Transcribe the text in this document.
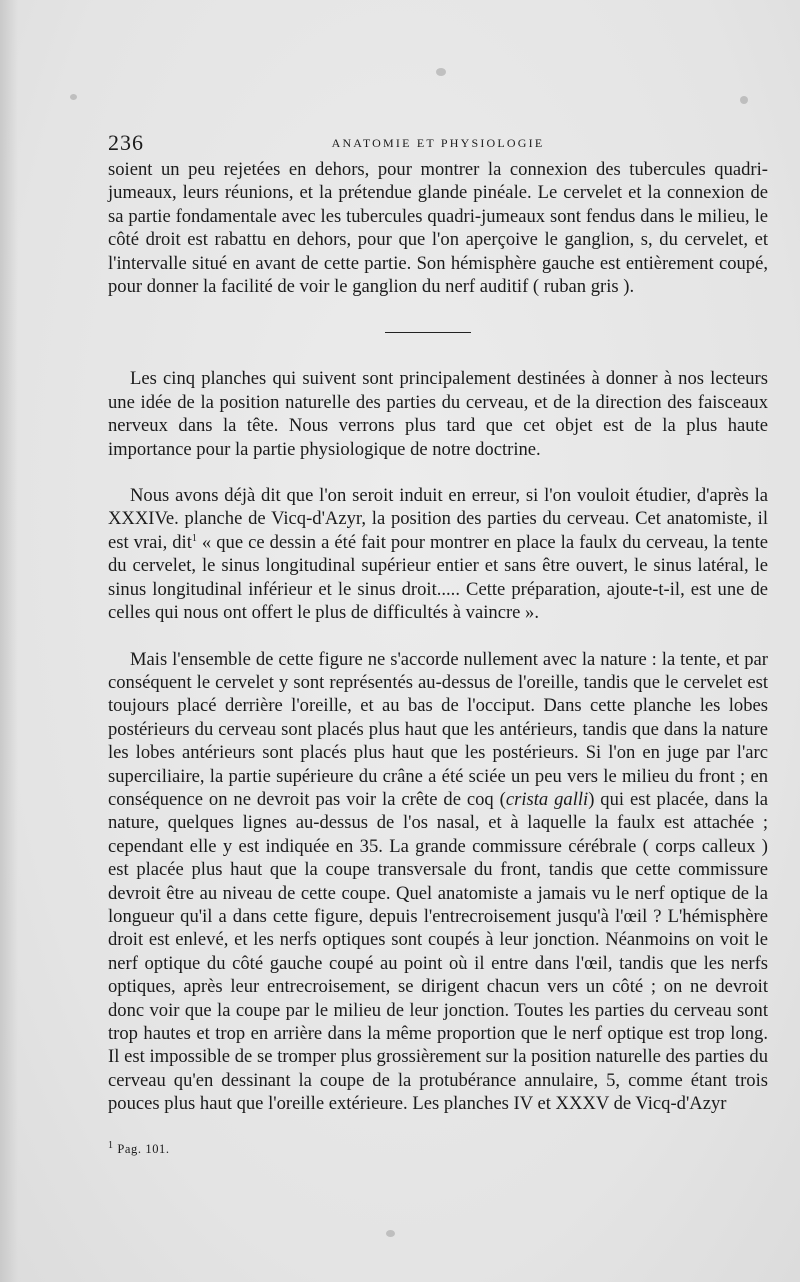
236	ANATOMIE ET PHYSIOLOGIE

soient un peu rejetées en dehors, pour montrer la connexion des tubercules quadri-jumeaux, leurs réunions, et la prétendue glande pinéale. Le cervelet et la connexion de sa partie fondamentale avec les tubercules quadri-jumeaux sont fendus dans le milieu, le côté droit est rabattu en dehors, pour que l'on aperçoive le ganglion, s, du cervelet, et l'intervalle situé en avant de cette partie. Son hémisphère gauche est entièrement coupé, pour donner la facilité de voir le ganglion du nerf auditif ( ruban gris ).

Les cinq planches qui suivent sont principalement destinées à donner à nos lecteurs une idée de la position naturelle des parties du cerveau, et de la direction des faisceaux nerveux dans la tête. Nous verrons plus tard que cet objet est de la plus haute importance pour la partie physiologique de notre doctrine.

Nous avons déjà dit que l'on seroit induit en erreur, si l'on vouloit étudier, d'après la XXXIVe. planche de Vicq-d'Azyr, la position des parties du cerveau. Cet anatomiste, il est vrai, dit$^1$ « que ce dessin a été fait pour montrer en place la faulx du cerveau, la tente du cervelet, le sinus longitudinal supérieur entier et sans être ouvert, le sinus latéral, le sinus longitudinal inférieur et le sinus droit..... Cette préparation, ajoute-t-il, est une de celles qui nous ont offert le plus de difficultés à vaincre ».

Mais l'ensemble de cette figure ne s'accorde nullement avec la nature : la tente, et par conséquent le cervelet y sont représentés au-dessus de l'oreille, tandis que le cervelet est toujours placé derrière l'oreille, et au bas de l'occiput. Dans cette planche les lobes postérieurs du cerveau sont placés plus haut que les antérieurs, tandis que dans la nature les lobes antérieurs sont placés plus haut que les postérieurs. Si l'on en juge par l'arc superciliaire, la partie supérieure du crâne a été sciée un peu vers le milieu du front ; en conséquence on ne devroit pas voir la crête de coq (crista galli) qui est placée, dans la nature, quelques lignes au-dessus de l'os nasal, et à laquelle la faulx est attachée ; cependant elle y est indiquée en 35. La grande commissure cérébrale ( corps calleux ) est placée plus haut que la coupe transversale du front, tandis que cette commissure devroit être au niveau de cette coupe. Quel anatomiste a jamais vu le nerf optique de la longueur qu'il a dans cette figure, depuis l'entrecroisement jusqu'à l'œil ? L'hémisphère droit est enlevé, et les nerfs optiques sont coupés à leur jonction. Néanmoins on voit le nerf optique du côté gauche coupé au point où il entre dans l'œil, tandis que les nerfs optiques, après leur entrecroisement, se dirigent chacun vers un côté ; on ne devroit donc voir que la coupe par le milieu de leur jonction. Toutes les parties du cerveau sont trop hautes et trop en arrière dans la même proportion que le nerf optique est trop long. Il est impossible de se tromper plus grossièrement sur la position naturelle des parties du cerveau qu'en dessinant la coupe de la protubérance annulaire, 5, comme étant trois pouces plus haut que l'oreille extérieure. Les planches IV et XXXV de Vicq-d'Azyr

$^1$ Pag. 101.
